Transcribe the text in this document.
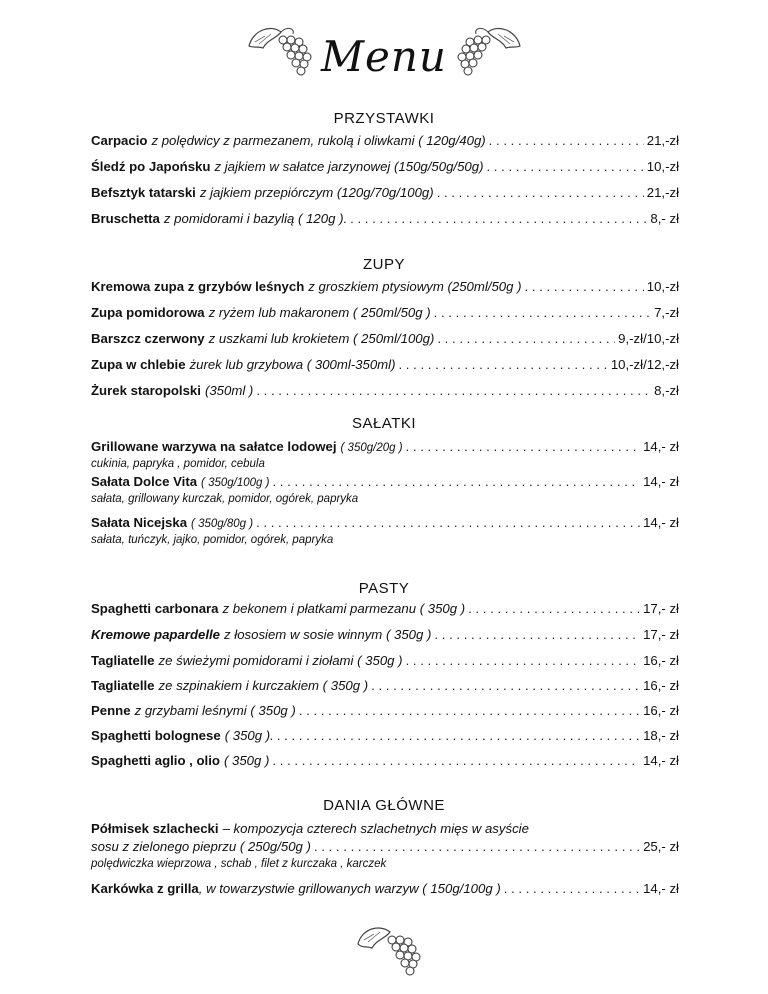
Menu
PRZYSTAWKI
Carpacio z polędwicy z parmezanem, rukolą i oliwkami ( 120g/40g) . . .	21,-zł
Śledź po Japońsku z jajkiem w sałatce jarzynowej (150g/50g/50g) . . .	10,-zł
Befsztyk tatarski z jajkiem przepiórczym (120g/70g/100g) . . . .	21,-zł
Bruschetta z pomidorami i bazylią ( 120g ). . . .	8,- zł
ZUPY
Kremowa zupa z grzybów leśnych z groszkiem ptysiowym (250ml/50g ) . . .	10,-zł
Zupa pomidorowa z ryżem lub makaronem ( 250ml/50g ) . . .	7,-zł
Barszcz czerwony z uszkami lub krokietem ( 250ml/100g) . . .	9,-zł/10,-zł
Zupa w chlebie żurek lub grzybowa ( 300ml-350ml) . . .	10,-zł/12,-zł
Żurek staropolski (350ml ) . . .	8,-zł
SAŁATKI
Grillowane warzywa na sałatce lodowej ( 350g/20g ) . . .	14,- zł
cukinia, papryka , pomidor, cebula
Sałata Dolce Vita ( 350g/100g ) . . .	14,- zł
sałata, grillowany kurczak, pomidor, ogórek, papryka
Sałata Nicejska ( 350g/80g ) . . .	14,- zł
sałata, tuńczyk, jajko, pomidor, ogórek, papryka
PASTY
Spaghetti carbonara z bekonem i płatkami parmezanu ( 350g ) . . .	17,- zł
Kremowe papardelle z łososiem w sosie winnym ( 350g ) . . .	17,- zł
Tagliatelle ze świeżymi pomidorami i ziołami ( 350g ) . . .	16,- zł
Tagliatelle ze szpinakiem i kurczakiem ( 350g ) . . .	16,- zł
Penne z grzybami leśnymi ( 350g ) . . .	16,- zł
Spaghetti bolognese ( 350g ). . . .	18,- zł
Spaghetti aglio , olio ( 350g ) . . .	14,- zł
DANIA GŁÓWNE
Półmisek szlachecki – kompozycja czterech szlachetnych mięs w asyście
sosu z zielonego pieprzu ( 250g/50g ) . . .	25,- zł
polędwiczka wieprzowa , schab , filet z kurczaka , karczek
Karkówka z grilla , w towarzystwie grillowanych warzyw ( 150g/100g ) . . .	14,- zł
